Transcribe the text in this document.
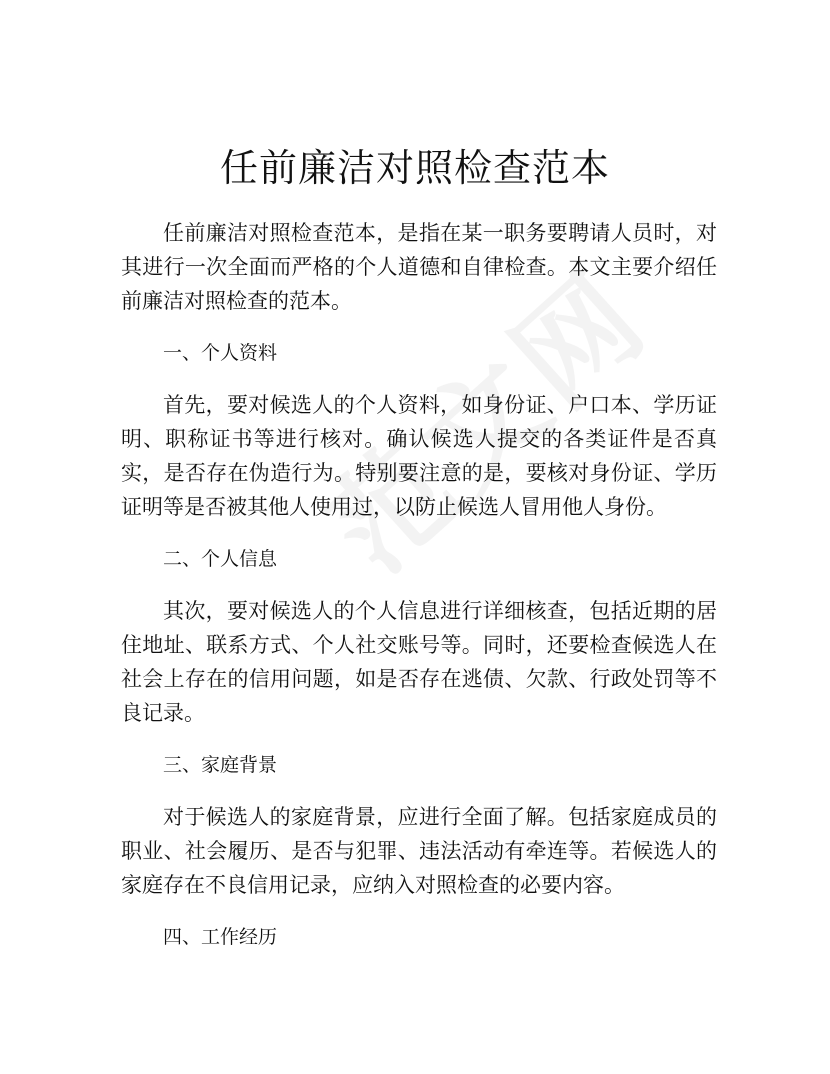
任前廉洁对照检查范本

任前廉洁对照检查范本，是指在某一职务要聘请人员时，对其进行一次全面而严格的个人道德和自律检查。本文主要介绍任前廉洁对照检查的范本。

一、个人资料

首先，要对候选人的个人资料，如身份证、户口本、学历证明、职称证书等进行核对。确认候选人提交的各类证件是否真实，是否存在伪造行为。特别要注意的是，要核对身份证、学历证明等是否被其他人使用过，以防止候选人冒用他人身份。

二、个人信息

其次，要对候选人的个人信息进行详细核查，包括近期的居住地址、联系方式、个人社交账号等。同时，还要检查候选人在社会上存在的信用问题，如是否存在逃债、欠款、行政处罚等不良记录。

三、家庭背景

对于候选人的家庭背景，应进行全面了解。包括家庭成员的职业、社会履历、是否与犯罪、违法活动有牵连等。若候选人的家庭存在不良信用记录，应纳入对照检查的必要内容。

四、工作经历
